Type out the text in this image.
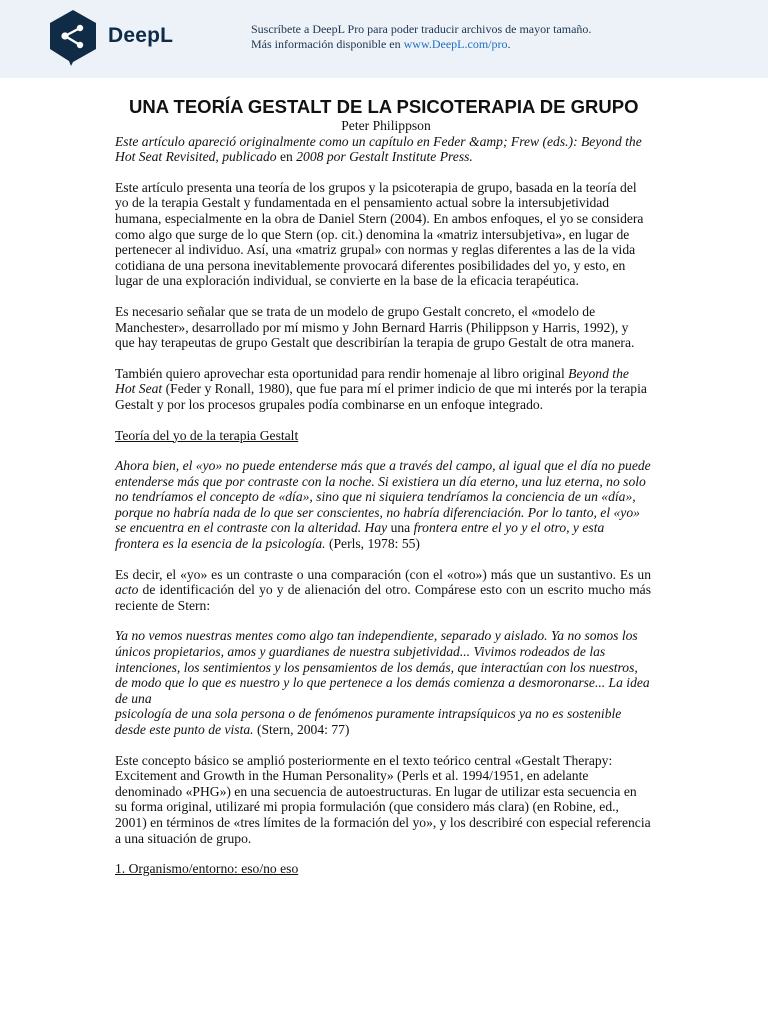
DeepL	Suscríbete a DeepL Pro para poder traducir archivos de mayor tamaño.
Más información disponible en www.DeepL.com/pro.
UNA TEORÍA GESTALT DE LA PSICOTERAPIA DE GRUPO

Peter Philippson

Este artículo apareció originalmente como un capítulo en Feder &amp; Frew (eds.): Beyond the Hot Seat Revisited, publicado en 2008 por Gestalt Institute Press.

Este artículo presenta una teoría de los grupos y la psicoterapia de grupo, basada en la teoría del yo de la terapia Gestalt y fundamentada en el pensamiento actual sobre la intersubjetividad humana, especialmente en la obra de Daniel Stern (2004). En ambos enfoques, el yo se considera como algo que surge de lo que Stern (op. cit.) denomina la «matriz intersubjetiva», en lugar de pertenecer al individuo. Así, una «matriz grupal» con normas y reglas diferentes a las de la vida cotidiana de una persona inevitablemente provocará diferentes posibilidades del yo, y esto, en lugar de una exploración individual, se convierte en la base de la eficacia terapéutica.

Es necesario señalar que se trata de un modelo de grupo Gestalt concreto, el «modelo de Manchester», desarrollado por mí mismo y John Bernard Harris (Philippson y Harris, 1992), y que hay terapeutas de grupo Gestalt que describirían la terapia de grupo Gestalt de otra manera.

También quiero aprovechar esta oportunidad para rendir homenaje al libro original Beyond the Hot Seat (Feder y Ronall, 1980), que fue para mí el primer indicio de que mi interés por la terapia Gestalt y por los procesos grupales podía combinarse en un enfoque integrado.

Teoría del yo de la terapia Gestalt

Ahora bien, el «yo» no puede entenderse más que a través del campo, al igual que el día no puede entenderse más que por contraste con la noche. Si existiera un día eterno, una luz eterna, no solo no tendríamos el concepto de «día», sino que ni siquiera tendríamos la conciencia de un «día», porque no habría nada de lo que ser conscientes, no habría diferenciación. Por lo tanto, el «yo» se encuentra en el contraste con la alteridad. Hay una frontera entre el yo y el otro, y esta frontera es la esencia de la psicología. (Perls, 1978: 55)

Es decir, el «yo» es un contraste o una comparación (con el «otro») más que un sustantivo. Es un acto de identificación del yo y de alienación del otro. Compárese esto con un escrito mucho más reciente de Stern:

Ya no vemos nuestras mentes como algo tan independiente, separado y aislado. Ya no somos los únicos propietarios, amos y guardianes de nuestra subjetividad... Vivimos rodeados de las intenciones, los sentimientos y los pensamientos de los demás, que interactúan con los nuestros, de modo que lo que es nuestro y lo que pertenece a los demás comienza a desmoronarse... La idea de una
psicología de una sola persona o de fenómenos puramente intrapsíquicos ya no es sostenible desde este punto de vista. (Stern, 2004: 77)

Este concepto básico se amplió posteriormente en el texto teórico central «Gestalt Therapy: Excitement and Growth in the Human Personality» (Perls et al. 1994/1951, en adelante denominado «PHG») en una secuencia de autoestructuras. En lugar de utilizar esta secuencia en su forma original, utilizaré mi propia formulación (que considero más clara) (en Robine, ed., 2001) en términos de «tres límites de la formación del yo», y los describiré con especial referencia a una situación de grupo.

1. Organismo/entorno: eso/no eso
